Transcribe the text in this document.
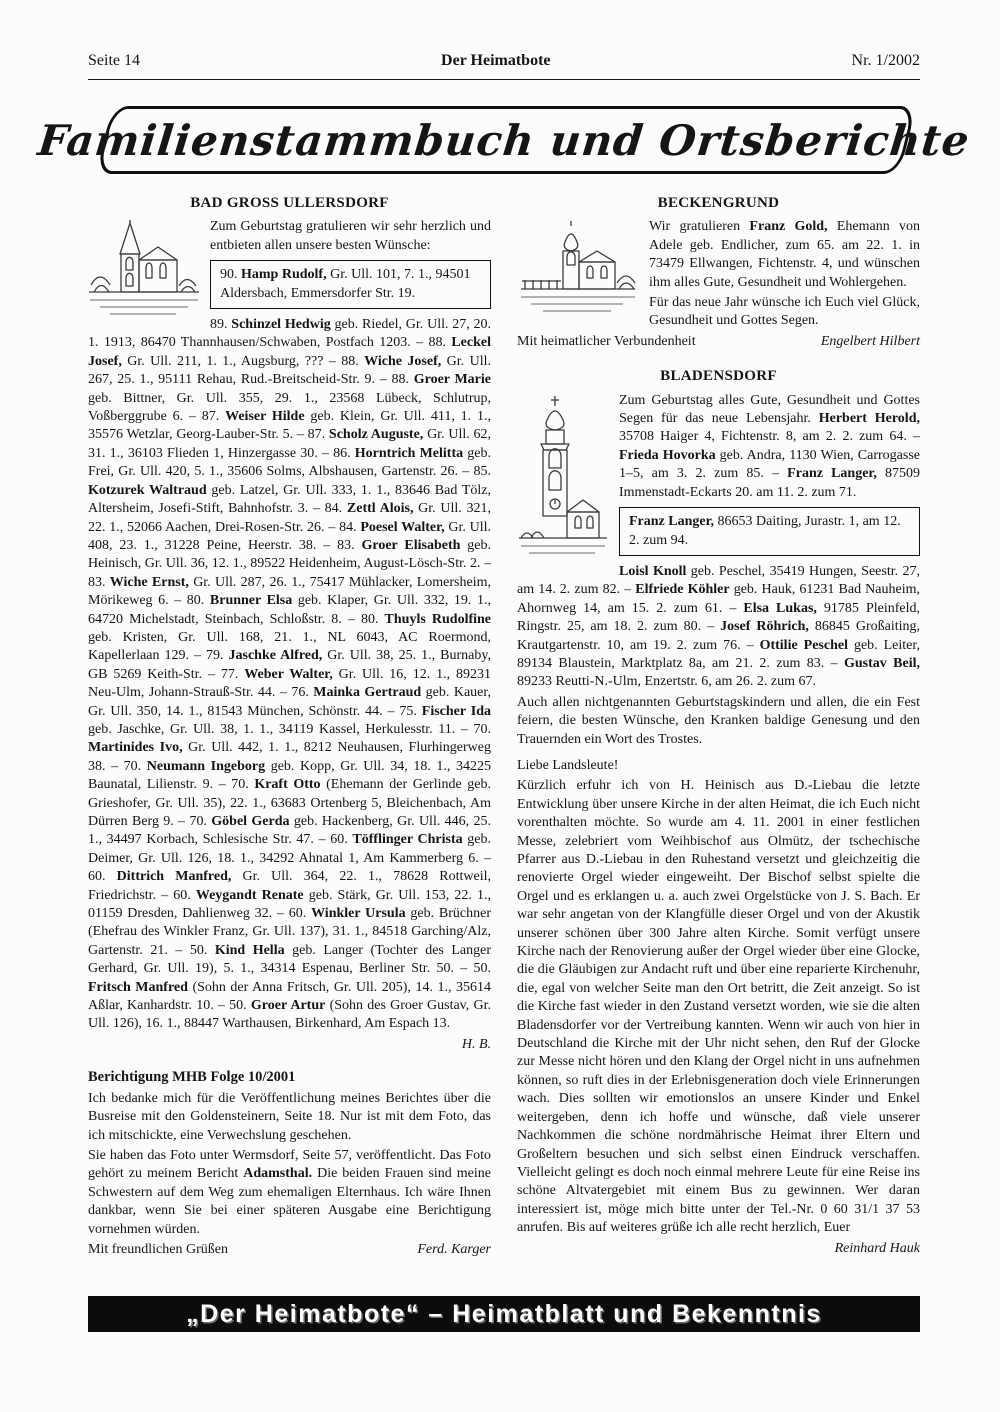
Seite 14	Der Heimatbote	Nr. 1/2002
Familienstammbuch und Ortsberichte
BAD GROSS ULLERSDORF

Zum Geburtstag gratulieren wir sehr herzlich und entbieten allen unsere besten Wünsche:

90. Hamp Rudolf, Gr. Ull. 101, 7. 1., 94501 Aldersbach, Emmersdorfer Str. 19.

89. Schinzel Hedwig geb. Riedel, Gr. Ull. 27, 20. 1. 1913, 86470 Thannhausen/Schwaben, Postfach 1203. – 88. Leckel Josef, Gr. Ull. 211, 1. 1., Augsburg, ??? – 88. Wiche Josef, Gr. Ull. 267, 25. 1., 95111 Rehau, Rud.-Breitscheid-Str. 9. – 88. Groer Marie geb. Bittner, Gr. Ull. 355, 29. 1., 23568 Lübeck, Schlutrup, Voßberggrube 6. – 87. Weiser Hilde geb. Klein, Gr. Ull. 411, 1. 1., 35576 Wetzlar, Georg-Lauber-Str. 5. – 87. Scholz Auguste, Gr. Ull. 62, 31. 1., 36103 Flieden 1, Hinzergasse 30. – 86. Horntrich Melitta geb. Frei, Gr. Ull. 420, 5. 1., 35606 Solms, Albshausen, Gartenstr. 26. – 85. Kotzurek Waltraud geb. Latzel, Gr. Ull. 333, 1. 1., 83646 Bad Tölz, Altersheim, Josefi-Stift, Bahnhofstr. 3. – 84. Zettl Alois, Gr. Ull. 321, 22. 1., 52066 Aachen, Drei-Rosen-Str. 26. – 84. Poesel Walter, Gr. Ull. 408, 23. 1., 31228 Peine, Heerstr. 38. – 83. Groer Elisabeth geb. Heinisch, Gr. Ull. 36, 12. 1., 89522 Heidenheim, August-Lösch-Str. 2. – 83. Wiche Ernst, Gr. Ull. 287, 26. 1., 75417 Mühlacker, Lomersheim, Mörikeweg 6. – 80. Brunner Elsa geb. Klaper, Gr. Ull. 332, 19. 1., 64720 Michelstadt, Steinbach, Schloßstr. 8. – 80. Thuyls Rudolfine geb. Kristen, Gr. Ull. 168, 21. 1., NL 6043, AC Roermond, Kapellerlaan 129. – 79. Jaschke Alfred, Gr. Ull. 38, 25. 1., Burnaby, GB 5269 Keith-Str. – 77. Weber Walter, Gr. Ull. 16, 12. 1., 89231 Neu-Ulm, Johann-Strauß-Str. 44. – 76. Mainka Gertraud geb. Kauer, Gr. Ull. 350, 14. 1., 81543 München, Schönstr. 44. – 75. Fischer Ida geb. Jaschke, Gr. Ull. 38, 1. 1., 34119 Kassel, Herkulesstr. 11. – 70. Martinides Ivo, Gr. Ull. 442, 1. 1., 8212 Neuhausen, Flurhingerweg 38. – 70. Neumann Ingeborg geb. Kopp, Gr. Ull. 34, 18. 1., 34225 Baunatal, Lilienstr. 9. – 70. Kraft Otto (Ehemann der Gerlinde geb. Grieshofer, Gr. Ull. 35), 22. 1., 63683 Ortenberg 5, Bleichenbach, Am Dürren Berg 9. – 70. Göbel Gerda geb. Hackenberg, Gr. Ull. 446, 25. 1., 34497 Korbach, Schlesische Str. 47. – 60. Töfflinger Christa geb. Deimer, Gr. Ull. 126, 18. 1., 34292 Ahnatal 1, Am Kammerberg 6. – 60. Dittrich Manfred, Gr. Ull. 364, 22. 1., 78628 Rottweil, Friedrichstr. – 60. Weygandt Renate geb. Stärk, Gr. Ull. 153, 22. 1., 01159 Dresden, Dahlienweg 32. – 60. Winkler Ursula geb. Brüchner (Ehefrau des Winkler Franz, Gr. Ull. 137), 31. 1., 84518 Garching/Alz, Gartenstr. 21. – 50. Kind Hella geb. Langer (Tochter des Langer Gerhard, Gr. Ull. 19), 5. 1., 34314 Espenau, Berliner Str. 50. – 50. Fritsch Manfred (Sohn der Anna Fritsch, Gr. Ull. 205), 14. 1., 35614 Aßlar, Kanhardstr. 10. – 50. Groer Artur (Sohn des Groer Gustav, Gr. Ull. 126), 16. 1., 88447 Warthausen, Birkenhard, Am Espach 13.

H. B.
Berichtigung MHB Folge 10/2001

Ich bedanke mich für die Veröffentlichung meines Berichtes über die Busreise mit den Goldensteinern, Seite 18. Nur ist mit dem Foto, das ich mitschickte, eine Verwechslung geschehen.

Sie haben das Foto unter Wermsdorf, Seite 57, veröffentlicht. Das Foto gehört zu meinem Bericht Adamsthal. Die beiden Frauen sind meine Schwestern auf dem Weg zum ehemaligen Elternhaus. Ich wäre Ihnen dankbar, wenn Sie bei einer späteren Ausgabe eine Berichtigung vornehmen würden.

Mit freundlichen Grüßen	Ferd. Karger
BECKENGRUND

Wir gratulieren Franz Gold, Ehemann von Adele geb. Endlicher, zum 65. am 22. 1. in 73479 Ellwangen, Fichtenstr. 4, und wünschen ihm alles Gute, Gesundheit und Wohlergehen.

Für das neue Jahr wünsche ich Euch viel Glück, Gesundheit und Gottes Segen.

Mit heimatlicher Verbundenheit	Engelbert Hilbert
BLADENSDORF

Zum Geburtstag alles Gute, Gesundheit und Gottes Segen für das neue Lebensjahr. Herbert Herold, 35708 Haiger 4, Fichtenstr. 8, am 2. 2. zum 64. – Frieda Hovorka geb. Andra, 1130 Wien, Carrogasse 1–5, am 3. 2. zum 85. – Franz Langer, 87509 Immenstadt-Eckarts 20. am 11. 2. zum 71.

Franz Langer, 86653 Daiting, Jurastr. 1, am 12. 2. zum 94.

Loisl Knoll geb. Peschel, 35419 Hungen, Seestr. 27, am 14. 2. zum 82. – Elfriede Köhler geb. Hauk, 61231 Bad Nauheim, Ahornweg 14, am 15. 2. zum 61. – Elsa Lukas, 91785 Pleinfeld, Ringstr. 25, am 18. 2. zum 80. – Josef Röhrich, 86845 Großaiting, Krautgartenstr. 10, am 19. 2. zum 76. – Ottilie Peschel geb. Leiter, 89134 Blaustein, Marktplatz 8a, am 21. 2. zum 83. – Gustav Beil, 89233 Reutti-N.-Ulm, Enzertstr. 6, am 26. 2. zum 67.

Auch allen nichtgenannten Geburtstagskindern und allen, die ein Fest feiern, die besten Wünsche, den Kranken baldige Genesung und den Trauernden ein Wort des Trostes.

Liebe Landsleute!

Kürzlich erfuhr ich von H. Heinisch aus D.-Liebau die letzte Entwicklung über unsere Kirche in der alten Heimat, die ich Euch nicht vorenthalten möchte. So wurde am 4. 11. 2001 in einer festlichen Messe, zelebriert vom Weihbischof aus Olmütz, der tschechische Pfarrer aus D.-Liebau in den Ruhestand versetzt und gleichzeitig die renovierte Orgel wieder eingeweiht. Der Bischof selbst spielte die Orgel und es erklangen u. a. auch zwei Orgelstücke von J. S. Bach. Er war sehr angetan von der Klangfülle dieser Orgel und von der Akustik unserer schönen über 300 Jahre alten Kirche. Somit verfügt unsere Kirche nach der Renovierung außer der Orgel wieder über eine Glocke, die die Gläubigen zur Andacht ruft und über eine reparierte Kirchenuhr, die, egal von welcher Seite man den Ort betritt, die Zeit anzeigt. So ist die Kirche fast wieder in den Zustand versetzt worden, wie sie die alten Bladensdorfer vor der Vertreibung kannten. Wenn wir auch von hier in Deutschland die Kirche mit der Uhr nicht sehen, den Ruf der Glocke zur Messe nicht hören und den Klang der Orgel nicht in uns aufnehmen können, so ruft dies in der Erlebnisgeneration doch viele Erinnerungen wach. Dies sollten wir emotionslos an unsere Kinder und Enkel weitergeben, denn ich hoffe und wünsche, daß viele unserer Nachkommen die schöne nordmährische Heimat ihrer Eltern und Großeltern besuchen und sich selbst einen Eindruck verschaffen. Vielleicht gelingt es doch noch einmal mehrere Leute für eine Reise ins schöne Altvatergebiet mit einem Bus zu gewinnen. Wer daran interessiert ist, möge mich bitte unter der Tel.-Nr. 0 60 31/1 37 53 anrufen. Bis auf weiteres grüße ich alle recht herzlich, Euer

Reinhard Hauk
„Der Heimatbote“ – Heimatblatt und Bekenntnis
